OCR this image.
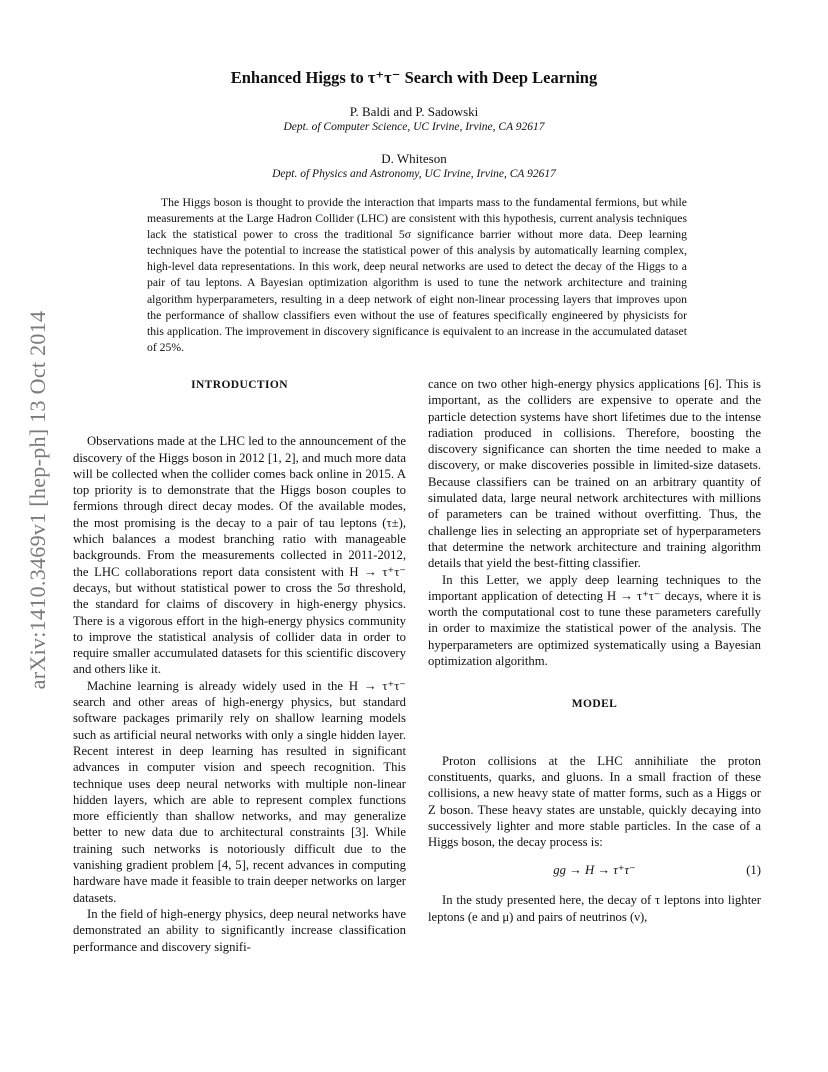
arXiv:1410.3469v1 [hep-ph] 13 Oct 2014
Enhanced Higgs to τ⁺τ⁻ Search with Deep Learning
P. Baldi and P. Sadowski
Dept. of Computer Science, UC Irvine, Irvine, CA 92617
D. Whiteson
Dept. of Physics and Astronomy, UC Irvine, Irvine, CA 92617

The Higgs boson is thought to provide the interaction that imparts mass to the fundamental fermions, but while measurements at the Large Hadron Collider (LHC) are consistent with this hypothesis, current analysis techniques lack the statistical power to cross the traditional 5σ significance barrier without more data. Deep learning techniques have the potential to increase the statistical power of this analysis by automatically learning complex, high-level data representations. In this work, deep neural networks are used to detect the decay of the Higgs to a pair of tau leptons. A Bayesian optimization algorithm is used to tune the network architecture and training algorithm hyperparameters, resulting in a deep network of eight non-linear processing layers that improves upon the performance of shallow classifiers even without the use of features specifically engineered by physicists for this application. The improvement in discovery significance is equivalent to an increase in the accumulated dataset of 25%.

INTRODUCTION

Observations made at the LHC led to the announcement of the discovery of the Higgs boson in 2012 [1, 2], and much more data will be collected when the collider comes back online in 2015. A top priority is to demonstrate that the Higgs boson couples to fermions through direct decay modes. Of the available modes, the most promising is the decay to a pair of tau leptons (τ±), which balances a modest branching ratio with manageable backgrounds. From the measurements collected in 2011-2012, the LHC collaborations report data consistent with H → τ⁺τ⁻ decays, but without statistical power to cross the 5σ threshold, the standard for claims of discovery in high-energy physics. There is a vigorous effort in the high-energy physics community to improve the statistical analysis of collider data in order to require smaller accumulated datasets for this scientific discovery and others like it.

Machine learning is already widely used in the H → τ⁺τ⁻ search and other areas of high-energy physics, but standard software packages primarily rely on shallow learning models such as artificial neural networks with only a single hidden layer. Recent interest in deep learning has resulted in significant advances in computer vision and speech recognition. This technique uses deep neural networks with multiple non-linear hidden layers, which are able to represent complex functions more efficiently than shallow networks, and may generalize better to new data due to architectural constraints [3]. While training such networks is notoriously difficult due to the vanishing gradient problem [4, 5], recent advances in computing hardware have made it feasible to train deeper networks on larger datasets.

In the field of high-energy physics, deep neural networks have demonstrated an ability to significantly increase classification performance and discovery signifi-

cance on two other high-energy physics applications [6]. This is important, as the colliders are expensive to operate and the particle detection systems have short lifetimes due to the intense radiation produced in collisions. Therefore, boosting the discovery significance can shorten the time needed to make a discovery, or make discoveries possible in limited-size datasets. Because classifiers can be trained on an arbitrary quantity of simulated data, large neural network architectures with millions of parameters can be trained without overfitting. Thus, the challenge lies in selecting an appropriate set of hyperparameters that determine the network architecture and training algorithm details that yield the best-fitting classifier.

In this Letter, we apply deep learning techniques to the important application of detecting H → τ⁺τ⁻ decays, where it is worth the computational cost to tune these parameters carefully in order to maximize the statistical power of the analysis. The hyperparameters are optimized systematically using a Bayesian optimization algorithm.

MODEL

Proton collisions at the LHC annihiliate the proton constituents, quarks, and gluons. In a small fraction of these collisions, a new heavy state of matter forms, such as a Higgs or Z boson. These heavy states are unstable, quickly decaying into successively lighter and more stable particles. In the case of a Higgs boson, the decay process is:

gg → H → τ⁺τ⁻	(1)

In the study presented here, the decay of τ leptons into lighter leptons (e and μ) and pairs of neutrinos (ν),
